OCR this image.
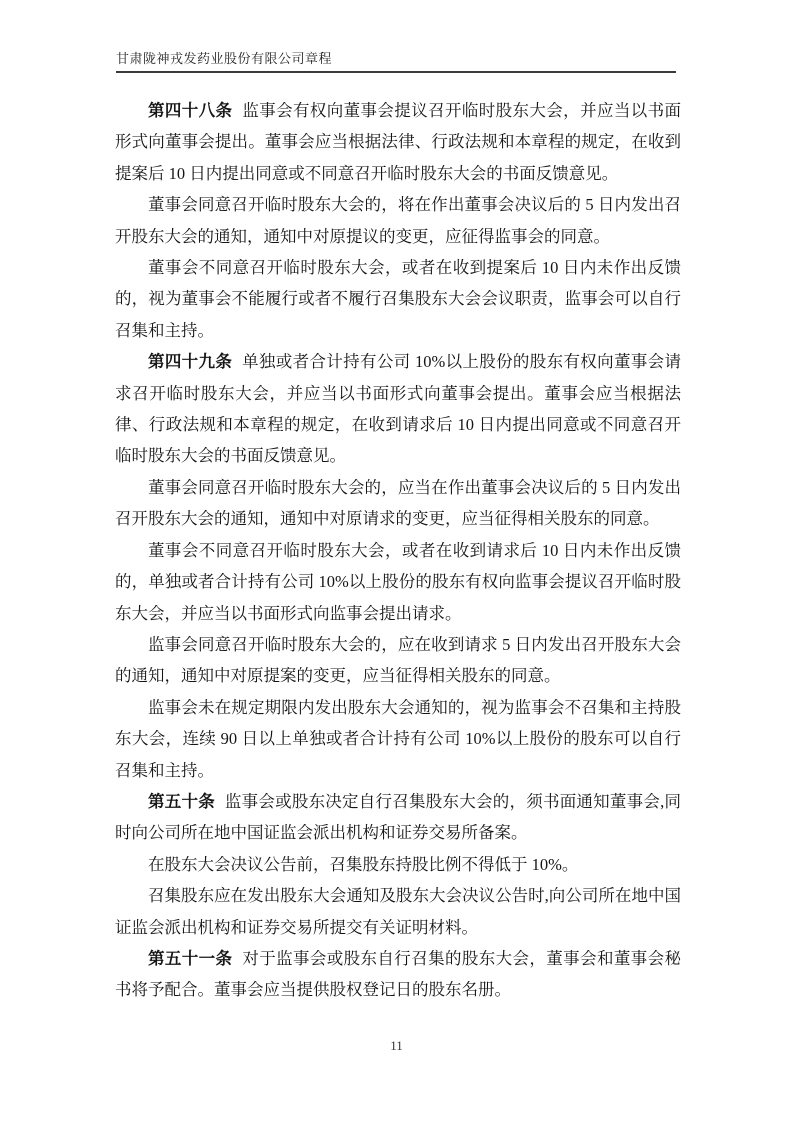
甘肃陇神戎发药业股份有限公司章程

第四十八条 监事会有权向董事会提议召开临时股东大会，并应当以书面形式向董事会提出。董事会应当根据法律、行政法规和本章程的规定，在收到提案后 10 日内提出同意或不同意召开临时股东大会的书面反馈意见。

董事会同意召开临时股东大会的，将在作出董事会决议后的 5 日内发出召开股东大会的通知，通知中对原提议的变更，应征得监事会的同意。

董事会不同意召开临时股东大会，或者在收到提案后 10 日内未作出反馈的，视为董事会不能履行或者不履行召集股东大会会议职责，监事会可以自行召集和主持。

第四十九条 单独或者合计持有公司 10%以上股份的股东有权向董事会请求召开临时股东大会，并应当以书面形式向董事会提出。董事会应当根据法律、行政法规和本章程的规定，在收到请求后 10 日内提出同意或不同意召开临时股东大会的书面反馈意见。

董事会同意召开临时股东大会的，应当在作出董事会决议后的 5 日内发出召开股东大会的通知，通知中对原请求的变更，应当征得相关股东的同意。

董事会不同意召开临时股东大会，或者在收到请求后 10 日内未作出反馈的，单独或者合计持有公司 10%以上股份的股东有权向监事会提议召开临时股东大会，并应当以书面形式向监事会提出请求。

监事会同意召开临时股东大会的，应在收到请求 5 日内发出召开股东大会的通知，通知中对原提案的变更，应当征得相关股东的同意。

监事会未在规定期限内发出股东大会通知的，视为监事会不召集和主持股东大会，连续 90 日以上单独或者合计持有公司 10%以上股份的股东可以自行召集和主持。

第五十条 监事会或股东决定自行召集股东大会的，须书面通知董事会,同时向公司所在地中国证监会派出机构和证券交易所备案。

在股东大会决议公告前，召集股东持股比例不得低于 10%。

召集股东应在发出股东大会通知及股东大会决议公告时,向公司所在地中国证监会派出机构和证券交易所提交有关证明材料。

第五十一条 对于监事会或股东自行召集的股东大会，董事会和董事会秘书将予配合。董事会应当提供股权登记日的股东名册。

11
